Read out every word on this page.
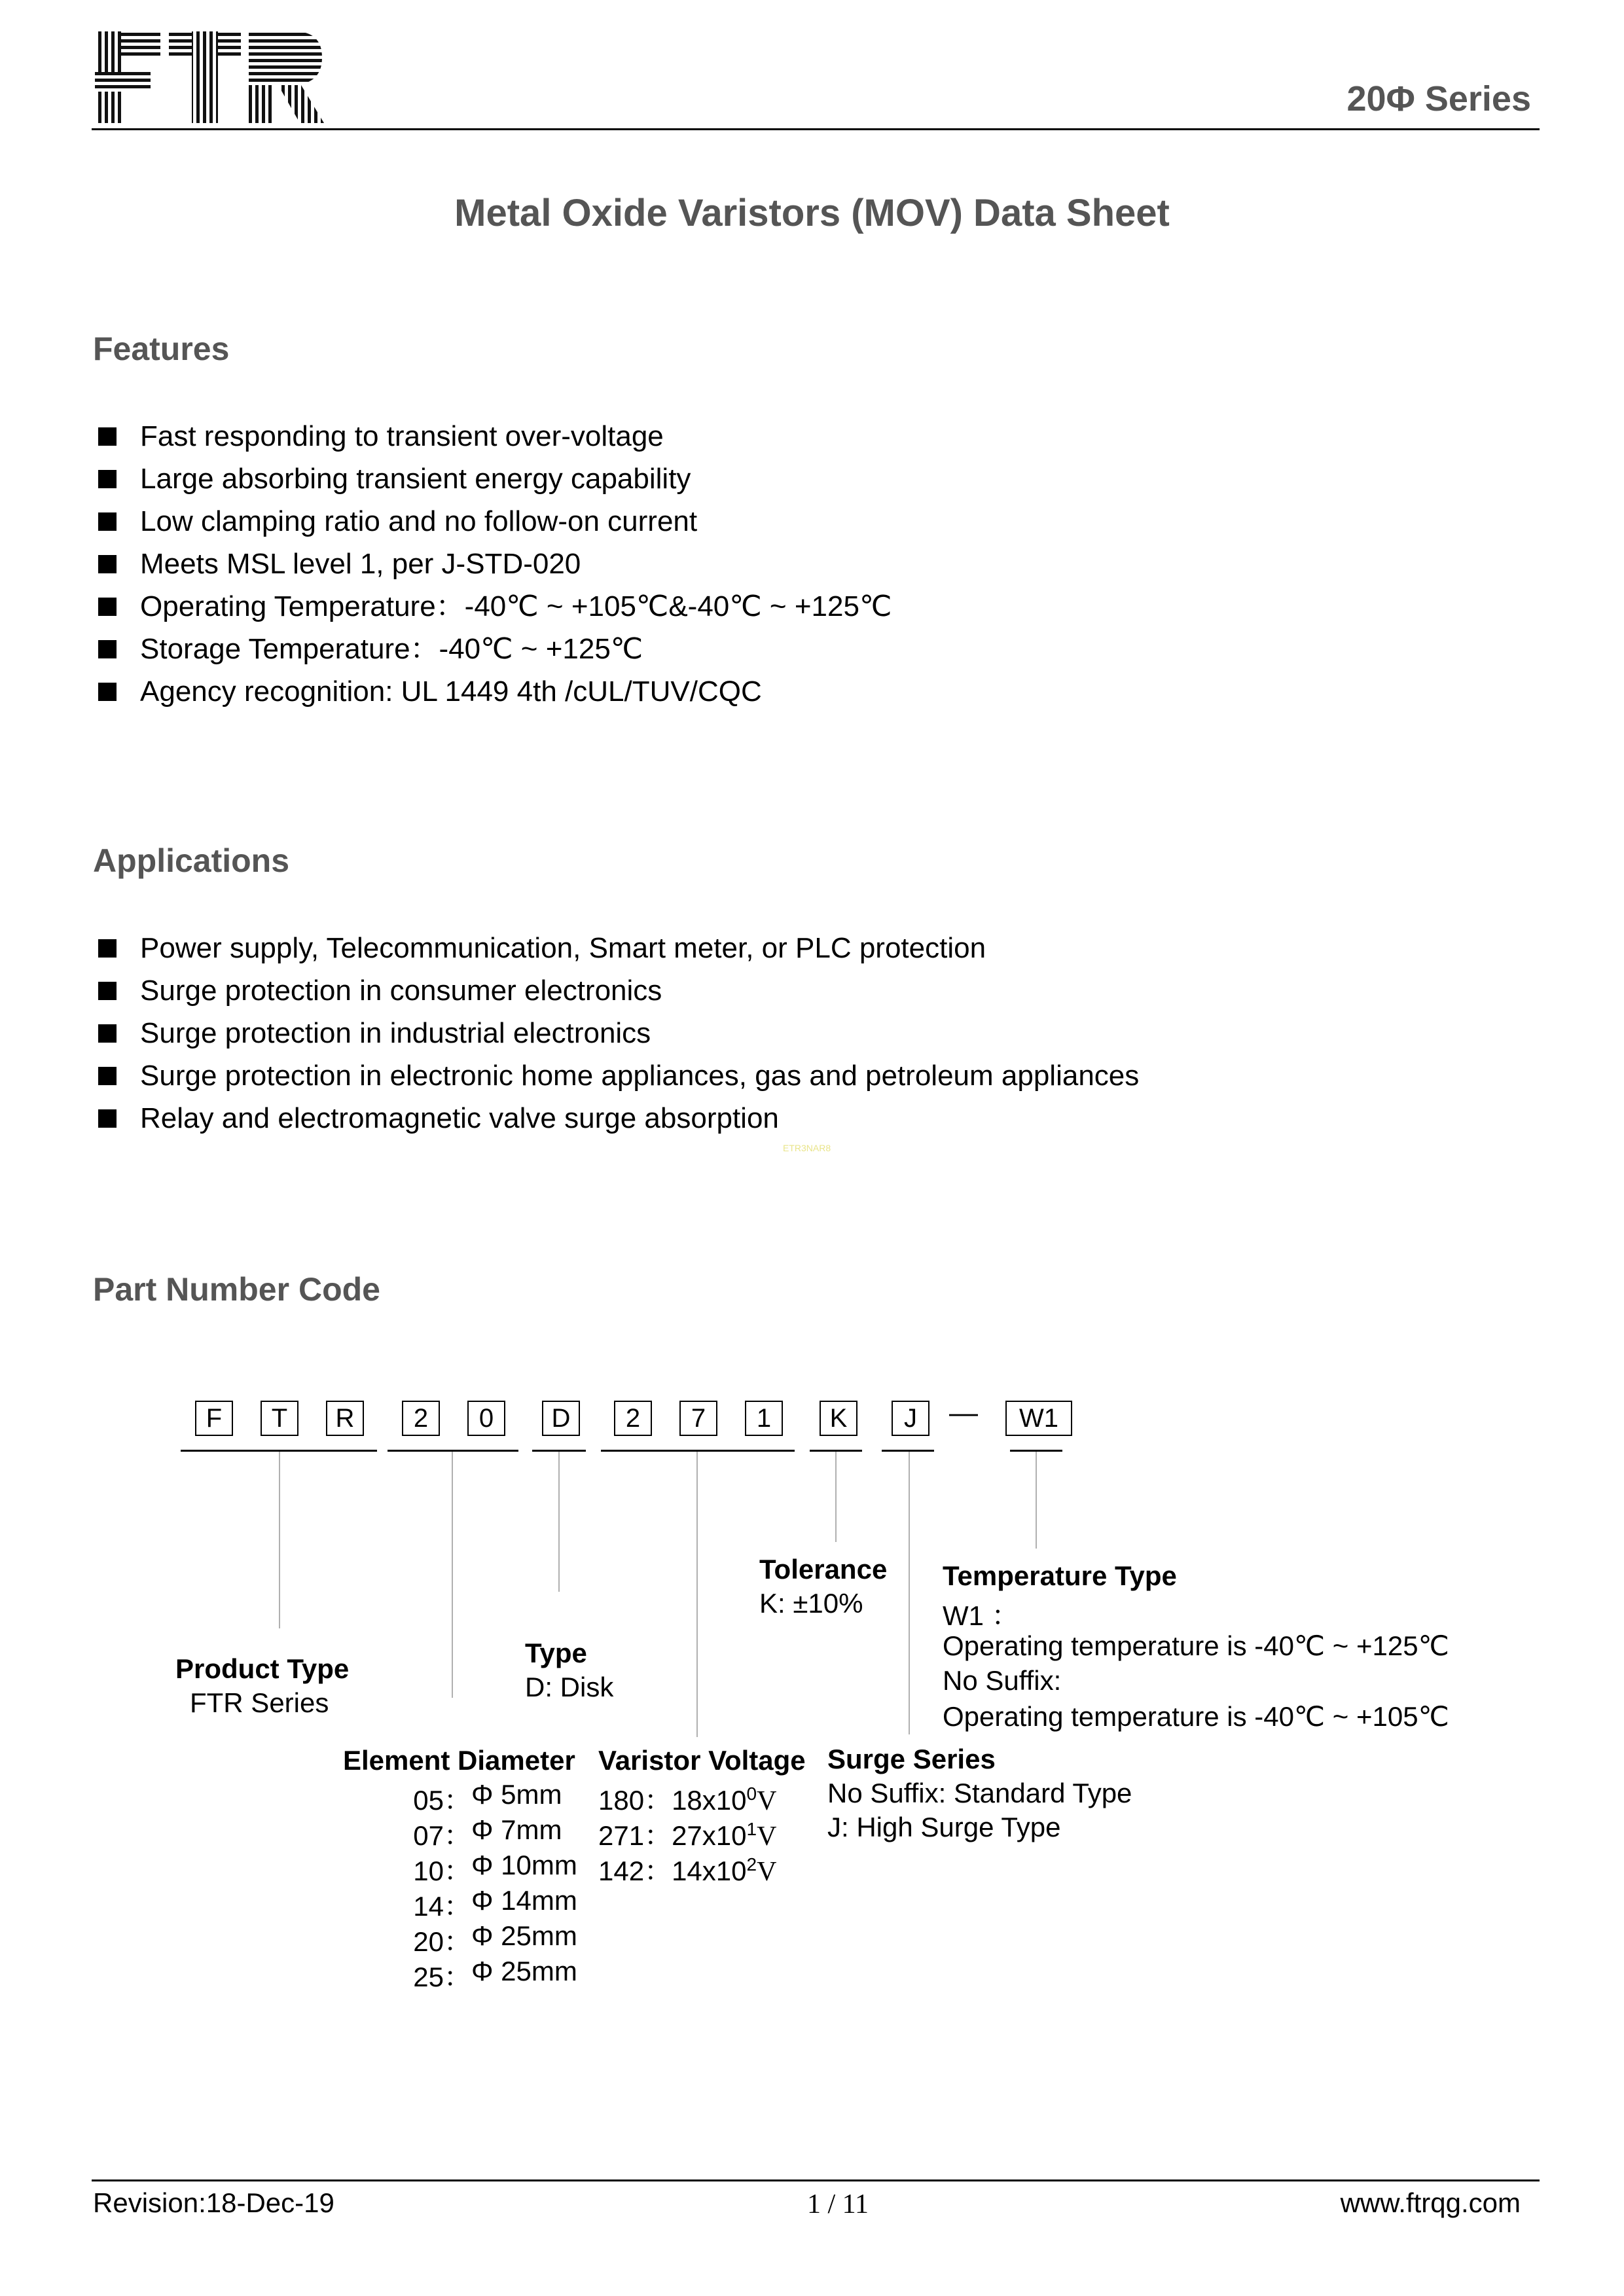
20Φ Series
Metal Oxide Varistors (MOV) Data Sheet
Features
Fast responding to transient over-voltage
Large absorbing transient energy capability
Low clamping ratio and no follow-on current
Meets MSL level 1, per J-STD-020
Operating Temperature：-40℃ ~ +105℃&-40℃ ~ +125℃
Storage Temperature：-40℃ ~ +125℃
Agency recognition: UL 1449 4th /cUL/TUV/CQC
Applications
Power supply, Telecommunication, Smart meter, or PLC protection
Surge protection in consumer electronics
Surge protection in industrial electronics
Surge protection in electronic home appliances, gas and petroleum appliances
Relay and electromagnetic valve surge absorption
ETR3NAR8
Part Number Code
F	T	R	2	0	D	2	7	1	K	J	—	W1
Product Type
FTR Series
Type
D: Disk
Element Diameter
05： Φ 5mm
07： Φ 7mm
10： Φ 10mm
14： Φ 14mm
20： Φ 25mm
25： Φ 25mm
Varistor Voltage
180：$18x10^0V$
271：$27x10^1V$
142：$14x10^2V$
Tolerance
K: ±10%
Surge Series
No Suffix: Standard Type
J: High Surge Type
Temperature Type
W1 ：
Operating temperature is -40℃ ~ +125℃
No Suffix:
Operating temperature is -40℃ ~ +105℃
Revision:18-Dec-19	1 / 11	www.ftrqg.com
